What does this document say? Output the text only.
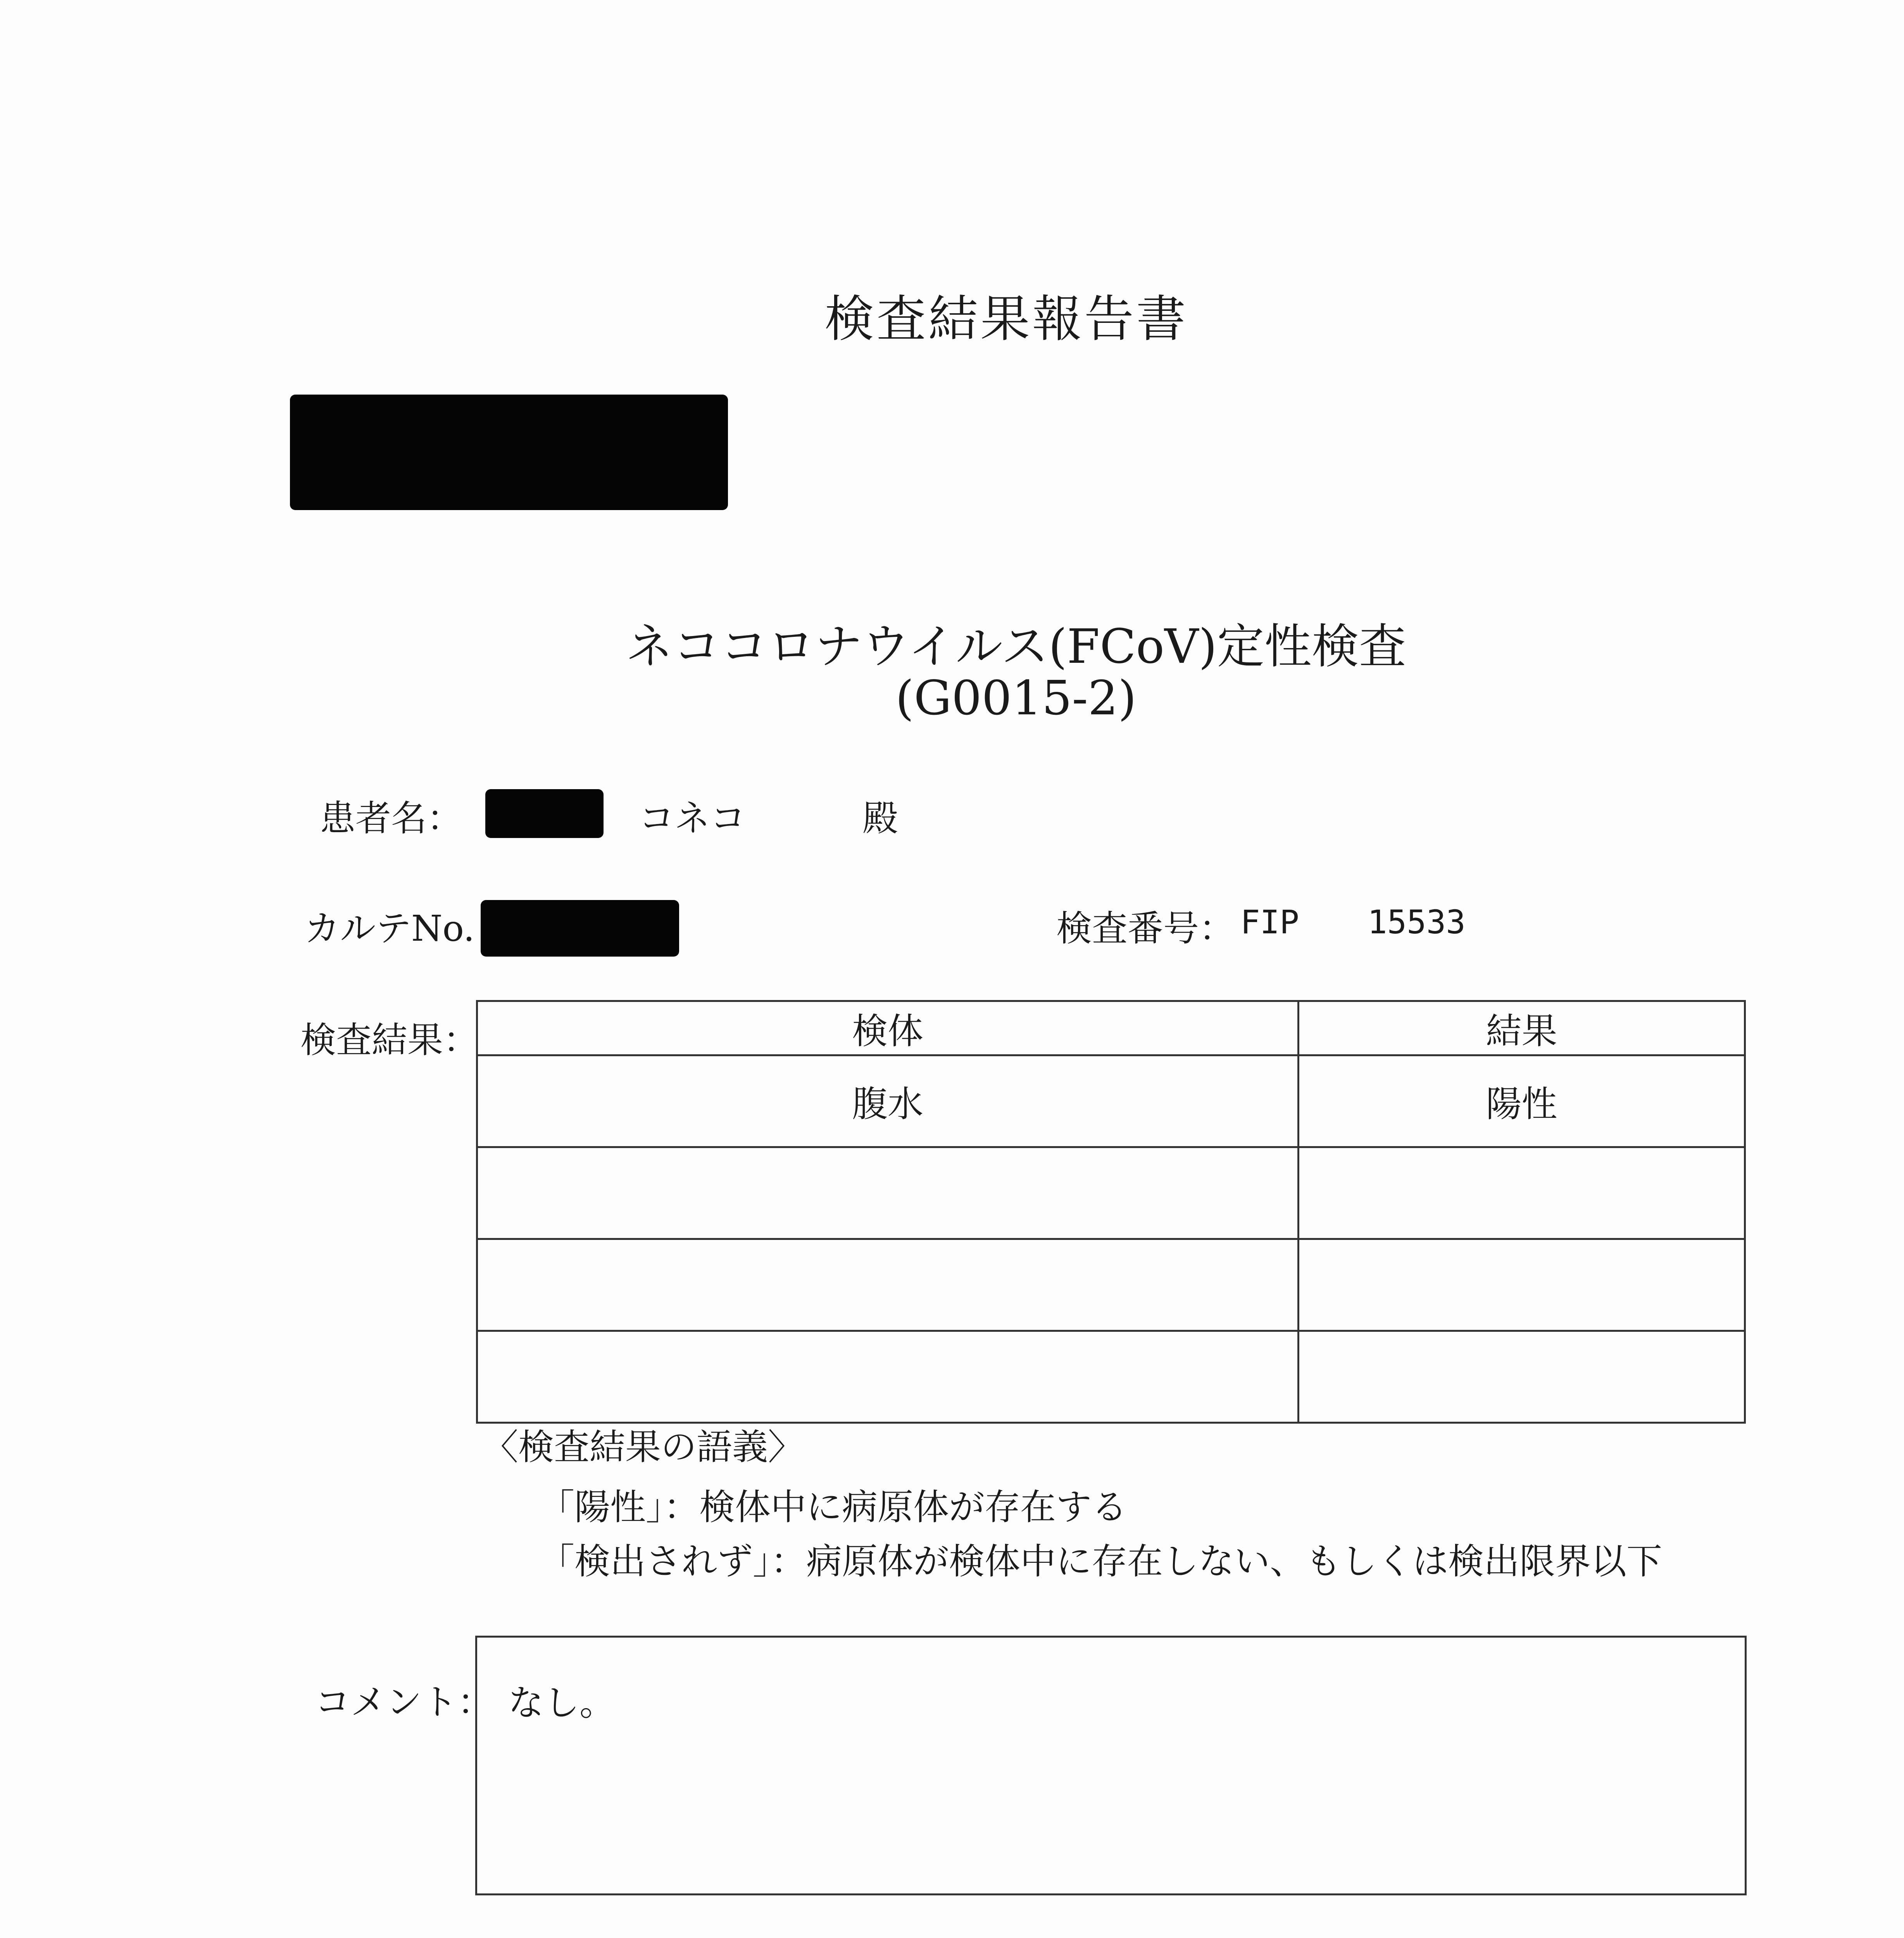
検査結果報告書
ネココロナウイルス(FCoV)定性検査
(G0015-2)
患者名：	コネコ	殿
カルテNo.	検査番号： FIP 15533
検査結果：	検体	結果
腹水	陽性

〈検査結果の語義〉
「陽性」：検体中に病原体が存在する
「検出されず」：病原体が検体中に存在しない、もしくは検出限界以下
コメント： なし。
